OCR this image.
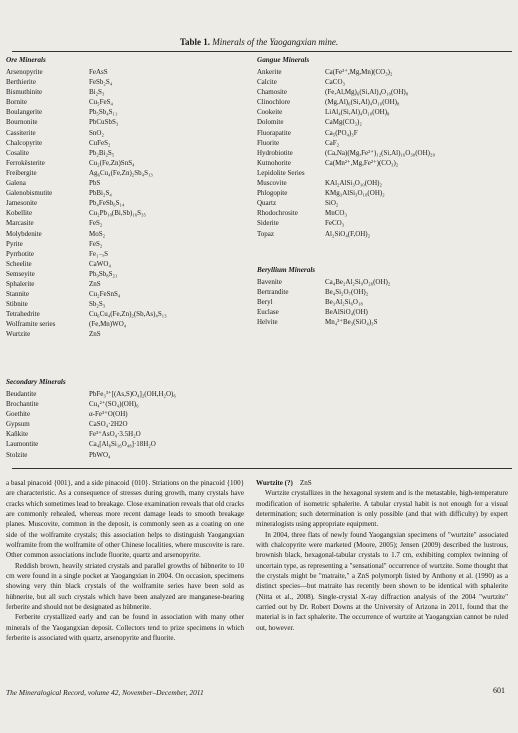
Table 1. Minerals of the Yaogangxian mine.
Ore Minerals
Arsenopyrite	FeAsS
Berthierite	FeSb₂S₄
Bismuthinite	Bi₂S₃
Bornite	Cu₅FeS₄
Boulangerite	Pb₅Sb₄S₁₁
Bournonite	PbCuSbS₃
Cassiterite	SnO₂
Chalcopyrite	CuFeS₂
Cosalite	Pb₂Bi₂S₅
Ferrokësterite	Cu₂(Fe,Zn)SnS₄
Freibergite	Ag₆Cu₄(Fe,Zn)₂Sb₄S₁₃
Galena	PbS
Galenobismutite	PbBi₂S₄
Jamesonite	Pb₄FeSb₆S₁₄
Kobellite	Cu₂Pb₁₀(Bi,Sb)₁₆S₃₅
Marcasite	FeS₂
Molybdenite	MoS₂
Pyrite	FeS₂
Pyrrhotite	Fe₁₋ₓS
Scheelite	CaWO₄
Semseyite	Pb₉Sb₈S₂₁
Sphalerite	ZnS
Stannite	Cu₂FeSnS₄
Stibnite	Sb₂S₃
Tetrahedrite	Cu₆Cu₄(Fe,Zn)₂(Sb,As)₄S₁₃
Wolframite series	(Fe,Mn)WO₄
Wurtzite	ZnS
Gangue Minerals
Ankerite	Ca(Fe²⁺,Mg,Mn)(CO₃)₂
Calcite	CaCO₃
Chamosite	(Fe,Al,Mg)₆(Si,Al)₄O₁₀(OH)₈
Clinochlore	(Mg,Al)₆(Si,Al)₄O₁₀(OH)₈
Cookeite	LiAl₄(Si,Al)₄O₁₀(OH)₈
Dolomite	CaMg(CO₃)₂
Fluorapatite	Ca₅(PO₄)₃F
Fluorite	CaF₂
Hydrobiotite	(Ca,Na)(Mg,Fe²⁺)₁₂(Si,Al)₁₆O₃₀(OH)₂₀
Kutnohorite	Ca(Mn²⁺,Mg,Fe²⁺)(CO₃)₂
Lepidolite Series
Muscovite	KAl₂AlSi₃O₁₀(OH)₂
Phlogopite	KMg₃AlSi₃O₁₀(OH)₂
Quartz	SiO₂
Rhodochrosite	MnCO₃
Siderite	FeCO₃
Topaz	Al₂SiO₄(F,OH)₂
Beryllium Minerals
Bavenite	Ca₄Be₂Al₂Si₉O₂₆(OH)₂
Bertrandite	Be₄Si₂O₇(OH)₂
Beryl	Be₃Al₂Si₆O₁₈
Euclase	BeAlSiO₄(OH)
Helvite	Mn₄²⁺Be₃(SiO₄)₃S
Secondary Minerals
Beudantite	PbFe₃³⁺[(As,S)O₄]₂(OH,H₂O)₆
Brochantite	Cu₄²⁺(SO₄)(OH)₆
Goethite	α-Fe³⁺O(OH)
Gypsum	CaSO₄·2H2O
Kaňkite	Fe³⁺AsO₄·3.5H₂O
Laumontite	Ca₄[Al₈Si₁₆O₄₈]·18H₂O
Stolzite	PbWO₄

a basal pinacoid {001}, and a side pinacoid {010}. Striations on the pinacoid {100} are characteristic. As a consequence of stresses during growth, many crystals have cracks which sometimes lead to breakage. Close examination reveals that old cracks are commonly rehealed, whereas more recent damage leads to smooth breakage planes. Muscovite, common in the deposit, is commonly seen as a coating on one side of the wolframite crystals; this association helps to distinguish Yaogangxian wolframite from the wolframite of other Chinese localities, where muscovite is rare. Other common associations include fluorite, quartz and arsenopyrite.

Reddish brown, heavily striated crystals and parallel growths of hübnerite to 10 cm were found in a single pocket at Yaogangxian in 2004. On occasion, specimens showing very thin black crystals of the wolframite series have been sold as hübnerite, but all such crystals which have been analyzed are manganese-bearing ferberite and should not be designated as hübnerite.

Ferberite crystallized early and can be found in association with many other minerals of the Yaogangxian deposit. Collectors tend to prize specimens in which ferberite is associated with quartz, arsenopyrite and fluorite.

Wurtzite (?) ZnS

Wurtzite crystallizes in the hexagonal system and is the metastable, high-temperature modification of isometric sphalerite. A tabular crystal habit is not enough for a visual determination; such determination is only possible (and that with difficulty) by expert mineralogists using appropriate equipment.

In 2004, three flats of newly found Yaogangxian specimens of "wurtzite" associated with chalcopyrite were marketed (Moore, 2005); Jensen (2009) described the lustrous, brownish black, hexagonal-tabular crystals to 1.7 cm, exhibiting complex twinning of uncertain type, as representing a "sensational" occurrence of wurtzite. Some thought that the crystals might be "matraite," a ZnS polymorph listed by Anthony et al. (1990) as a distinct species—but matraite has recently been shown to be identical with sphalerite (Nitta et al., 2008). Single-crystal X-ray diffraction analysis of the 2004 "wurtzite" carried out by Dr. Robert Downs at the University of Arizona in 2011, found that the material is in fact sphalerite. The occurrence of wurtzite at Yaogangxian cannot be ruled out, however.

The Mineralogical Record, volume 42, November–December, 2011	601
